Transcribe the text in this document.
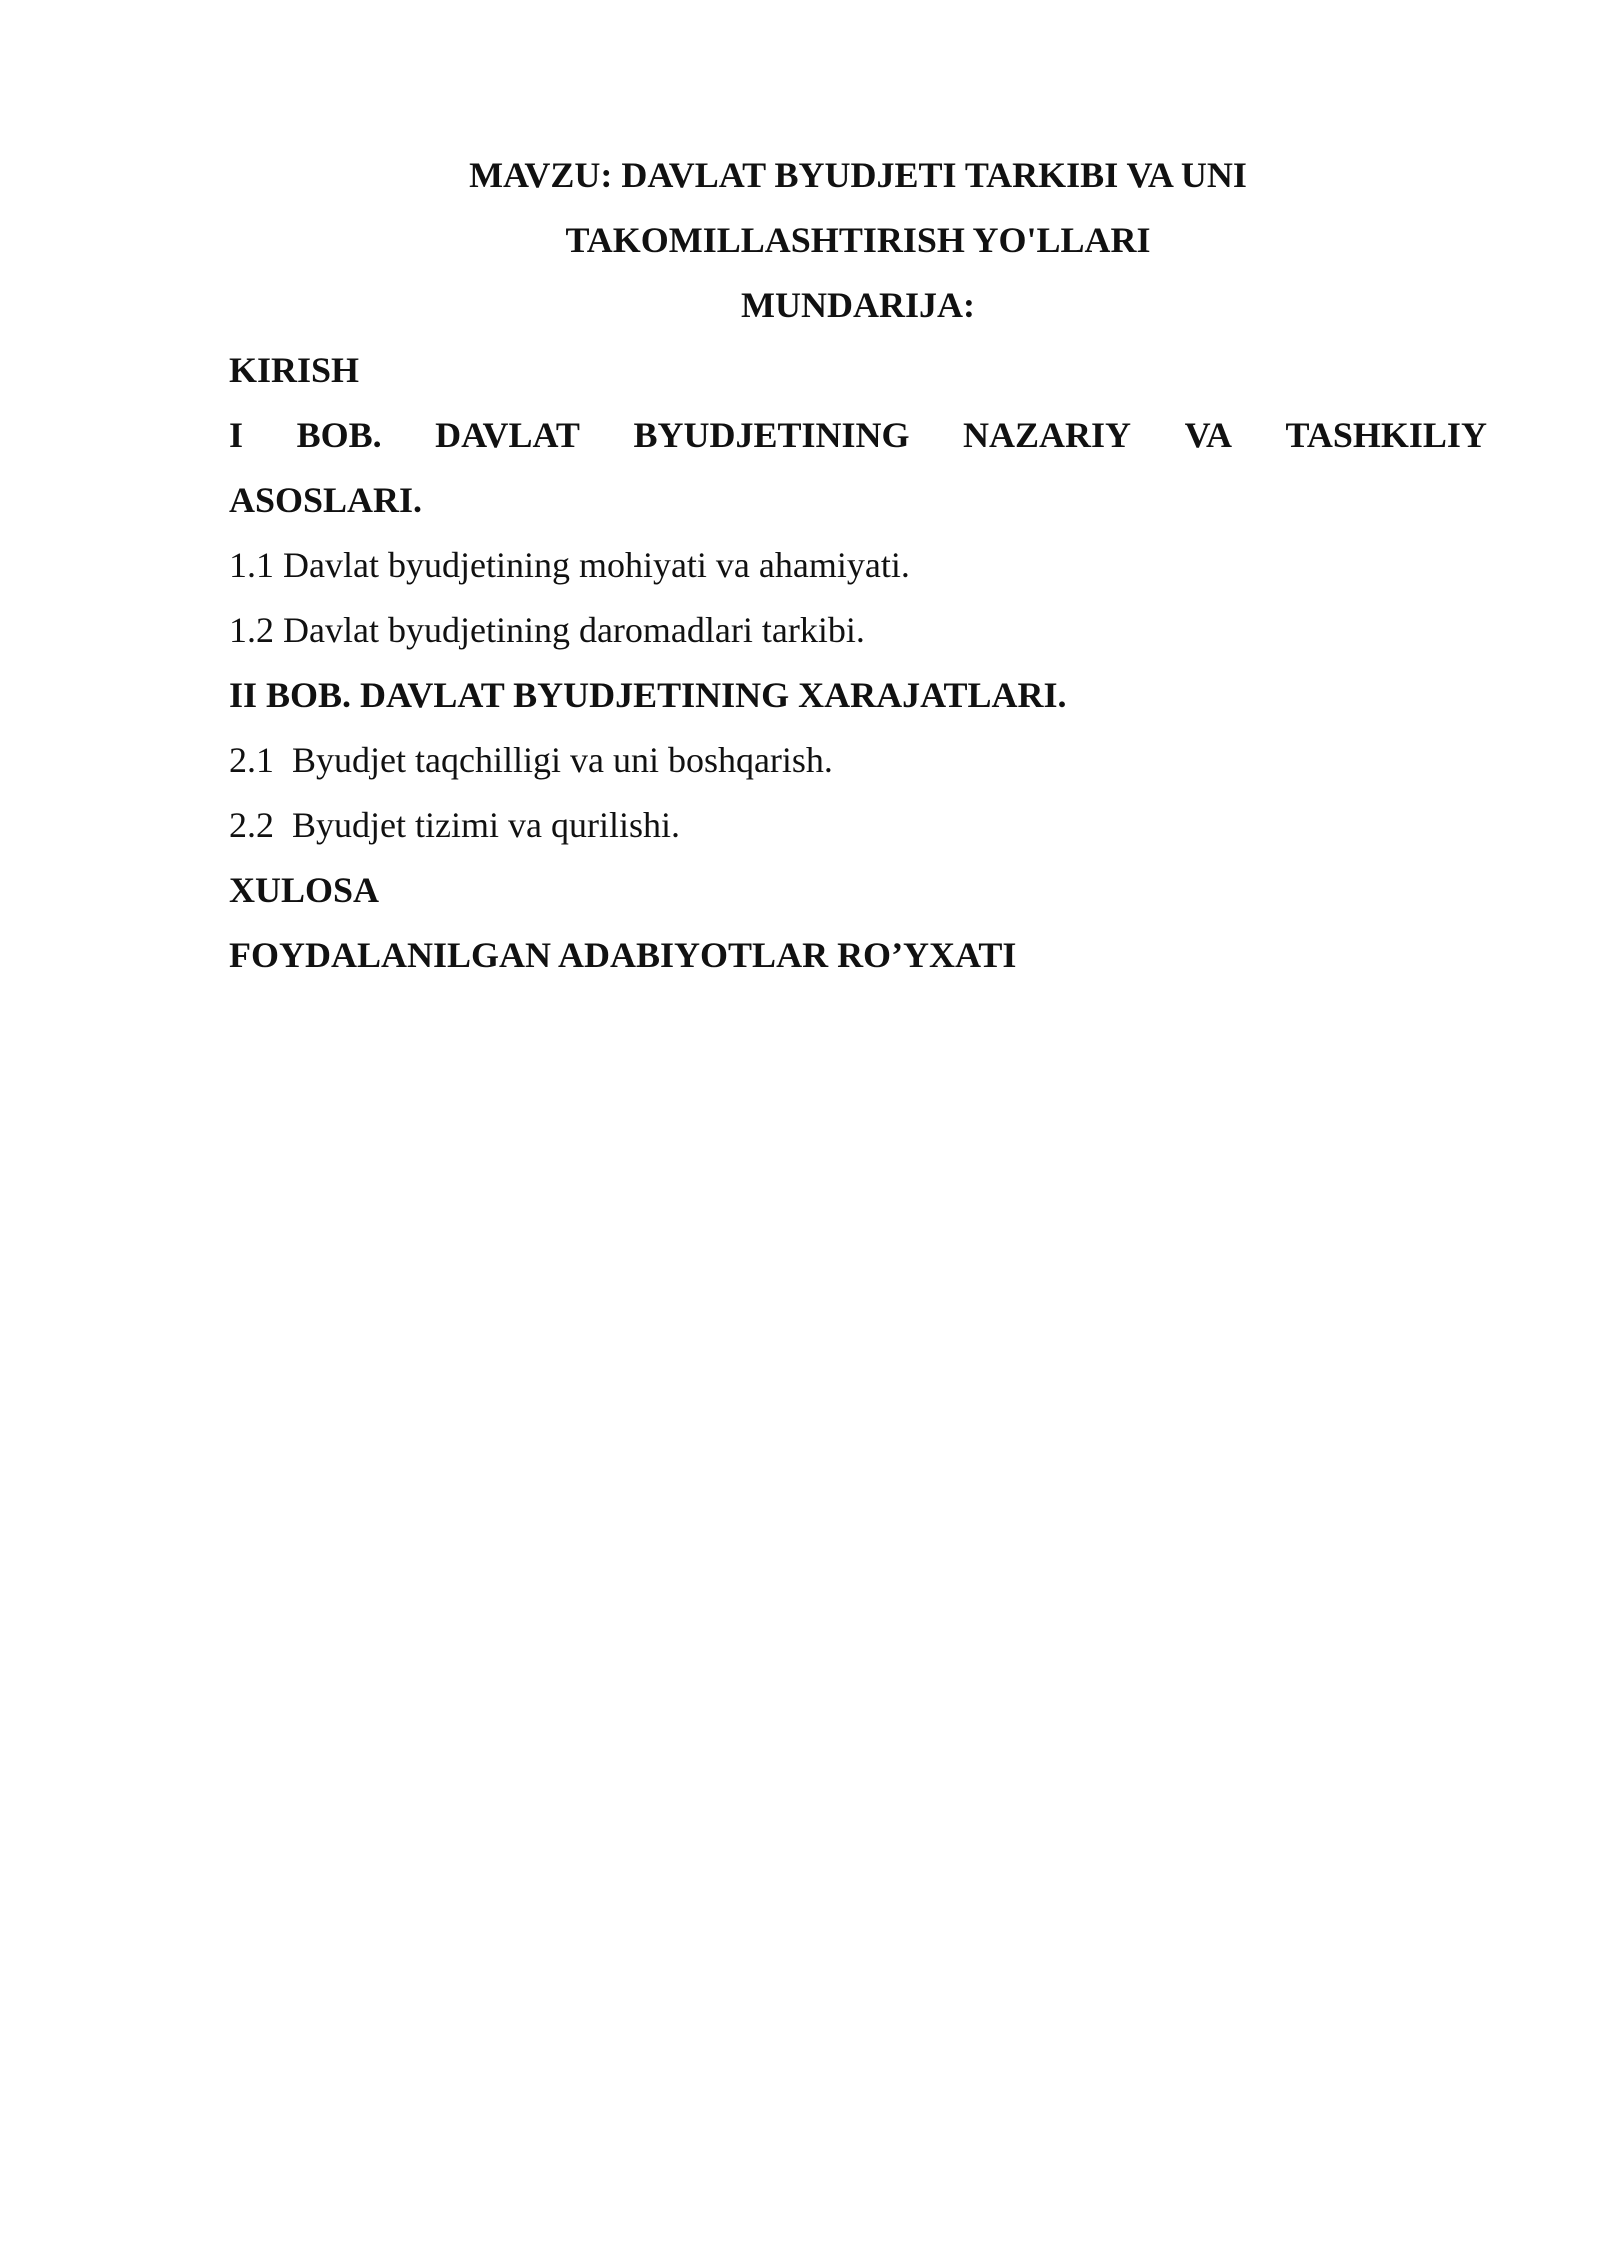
MAVZU: DAVLAT BYUDJETI TARKIBI VA UNI
TAKOMILLASHTIRISH YO'LLARI
MUNDARIJA:
KIRISH
I BOB. DAVLAT BYUDJETINING NAZARIY VA TASHKILIY
ASOSLARI.
1.1 Davlat byudjetining mohiyati va ahamiyati.
1.2 Davlat byudjetining daromadlari tarkibi.
II BOB. DAVLAT BYUDJETINING XARAJATLARI.
2.1  Byudjet taqchilligi va uni boshqarish.
2.2  Byudjet tizimi va qurilishi.
XULOSA
FOYDALANILGAN ADABIYOTLAR RO’YXATI
